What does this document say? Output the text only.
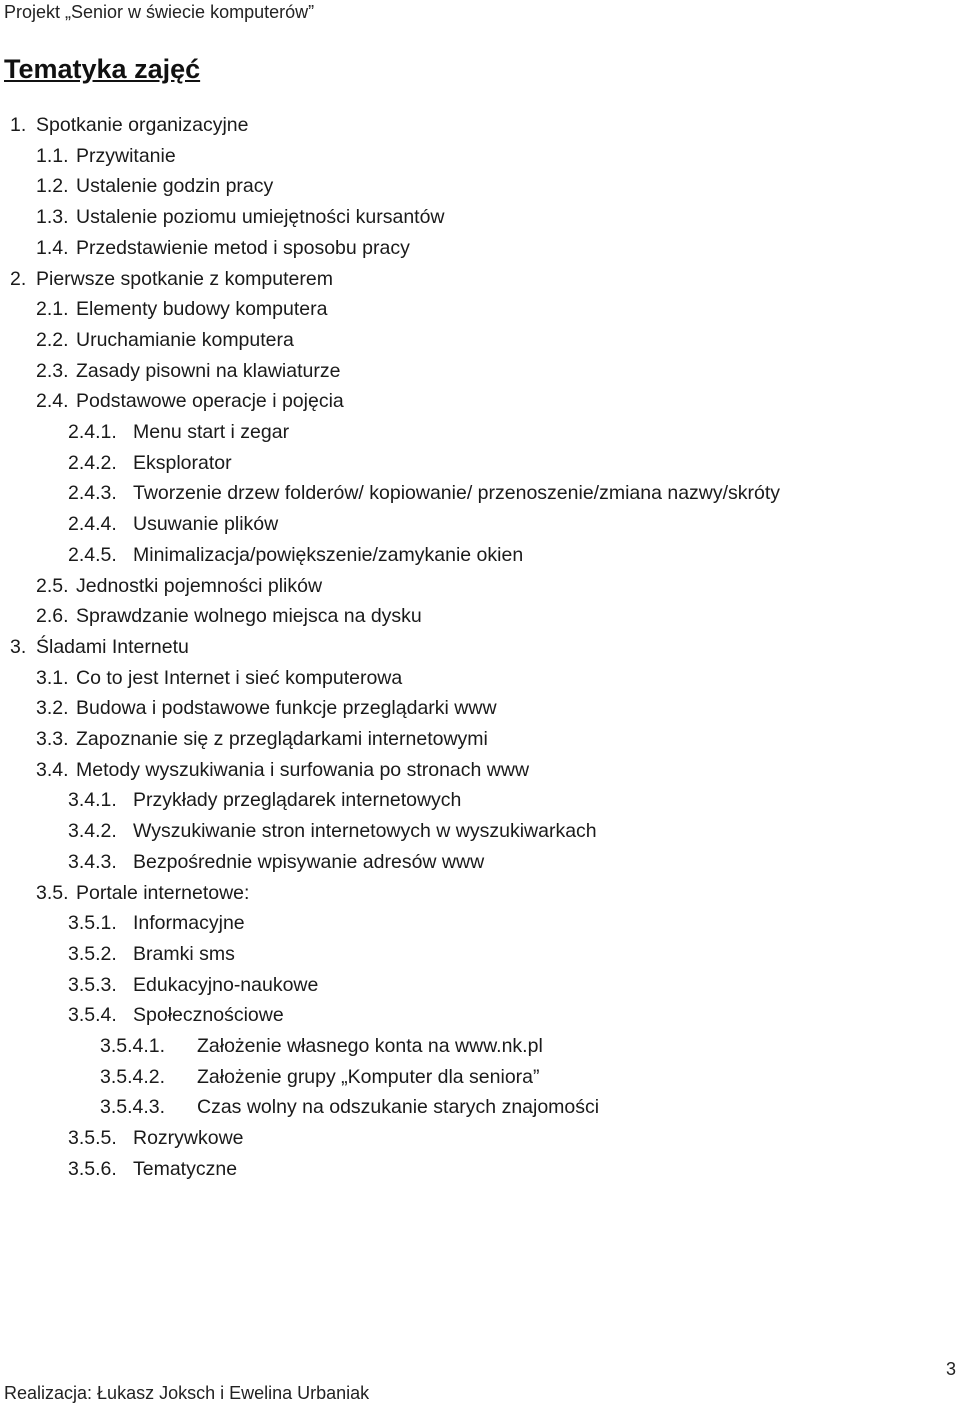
Projekt „Senior w świecie komputerów”
Tematyka zajęć
1. Spotkanie organizacyjne
1.1. Przywitanie
1.2. Ustalenie godzin pracy
1.3. Ustalenie poziomu umiejętności kursantów
1.4. Przedstawienie metod i sposobu pracy
2. Pierwsze spotkanie z komputerem
2.1. Elementy budowy komputera
2.2. Uruchamianie komputera
2.3. Zasady pisowni na klawiaturze
2.4. Podstawowe operacje i pojęcia
2.4.1. Menu start i zegar
2.4.2. Eksplorator
2.4.3. Tworzenie drzew folderów/ kopiowanie/ przenoszenie/zmiana nazwy/skróty
2.4.4. Usuwanie plików
2.4.5. Minimalizacja/powiększenie/zamykanie okien
2.5. Jednostki pojemności plików
2.6. Sprawdzanie wolnego miejsca na dysku
3. Śladami Internetu
3.1. Co to jest Internet i sieć komputerowa
3.2. Budowa i podstawowe funkcje przeglądarki www
3.3. Zapoznanie się z przeglądarkami internetowymi
3.4. Metody wyszukiwania i surfowania po stronach www
3.4.1. Przykłady przeglądarek internetowych
3.4.2. Wyszukiwanie stron internetowych w wyszukiwarkach
3.4.3. Bezpośrednie wpisywanie adresów www
3.5. Portale internetowe:
3.5.1. Informacyjne
3.5.2. Bramki sms
3.5.3. Edukacyjno-naukowe
3.5.4. Społecznościowe
3.5.4.1. Założenie własnego konta na www.nk.pl
3.5.4.2. Założenie grupy „Komputer dla seniora”
3.5.4.3. Czas wolny na odszukanie starych znajomości
3.5.5. Rozrywkowe
3.5.6. Tematyczne
3
Realizacja: Łukasz Joksch i Ewelina Urbaniak
